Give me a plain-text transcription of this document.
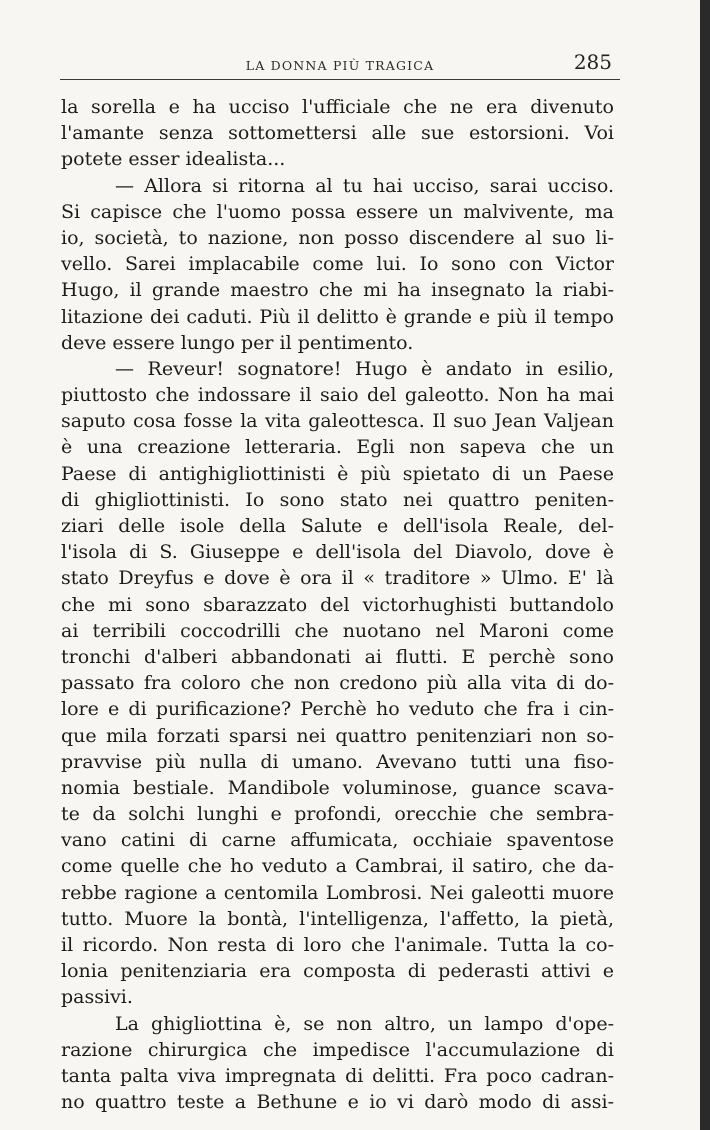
LA DONNA PIÙ TRAGICA	285
la sorella e ha ucciso l'ufficiale che ne era divenuto
l'amante senza sottomettersi alle sue estorsioni. Voi
potete esser idealista...
— Allora si ritorna al tu hai ucciso, sarai ucciso.
Si capisce che l'uomo possa essere un malvivente, ma
io, società, to nazione, non posso discendere al suo li-
vello. Sarei implacabile come lui. Io sono con Victor
Hugo, il grande maestro che mi ha insegnato la riabi-
litazione dei caduti. Più il delitto è grande e più il tempo
deve essere lungo per il pentimento.
— Reveur! sognatore! Hugo è andato in esilio,
piuttosto che indossare il saio del galeotto. Non ha mai
saputo cosa fosse la vita galeottesca. Il suo Jean Valjean
è una creazione letteraria. Egli non sapeva che un
Paese di antighigliottinisti è più spietato di un Paese
di ghigliottinisti. Io sono stato nei quattro peniten-
ziari delle isole della Salute e dell'isola Reale, del-
l'isola di S. Giuseppe e dell'isola del Diavolo, dove è
stato Dreyfus e dove è ora il « traditore » Ulmo. E' là
che mi sono sbarazzato del victorhughisti buttandolo
ai terribili coccodrilli che nuotano nel Maroni come
tronchi d'alberi abbandonati ai flutti. E perchè sono
passato fra coloro che non credono più alla vita di do-
lore e di purificazione? Perchè ho veduto che fra i cin-
que mila forzati sparsi nei quattro penitenziari non so-
pravvise più nulla di umano. Avevano tutti una fiso-
nomia bestiale. Mandibole voluminose, guance scava-
te da solchi lunghi e profondi, orecchie che sembra-
vano catini di carne affumicata, occhiaie spaventose
come quelle che ho veduto a Cambrai, il satiro, che da-
rebbe ragione a centomila Lombrosi. Nei galeotti muore
tutto. Muore la bontà, l'intelligenza, l'affetto, la pietà,
il ricordo. Non resta di loro che l'animale. Tutta la co-
lonia penitenziaria era composta di pederasti attivi e
passivi.
La ghigliottina è, se non altro, un lampo d'ope-
razione chirurgica che impedisce l'accumulazione di
tanta palta viva impregnata di delitti. Fra poco cadran-
no quattro teste a Bethune e io vi darò modo di assi-
